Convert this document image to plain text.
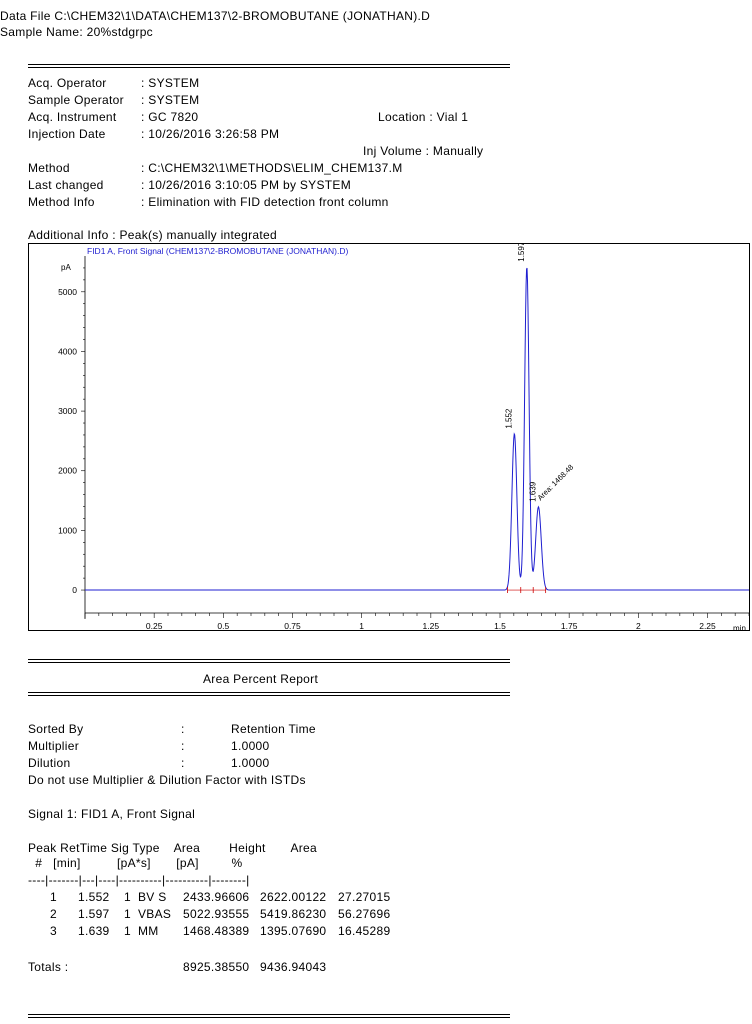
Data File C:\CHEM32\1\DATA\CHEM137\2-BROMOBUTANE (JONATHAN).D
Sample Name: 20%stdgrpc
Acq. Operator	: SYSTEM
Sample Operator : SYSTEM
Acq. Instrument : GC 7820	Location : Vial 1
Injection Date	: 10/26/2016 3:26:58 PM
Inj Volume : Manually
Method	: C:\CHEM32\1\METHODS\ELIM_CHEM137.M
Last changed	: 10/26/2016 3:10:05 PM by SYSTEM
Method Info	: Elimination with FID detection front column
Additional Info : Peak(s) manually integrated
FID1 A, Front Signal (CHEM137\2-BROMOBUTANE (JONATHAN).D)
pA
min
0.25	0.5	0.75	1	1.25	1.5	1.75	2	2.25
0
1000
2000
3000
4000
5000
1.552
1.597
1.639
Area: 1468.48
Area Percent Report
Sorted By	:	Retention Time
Multiplier	:	1.0000
Dilution	:	1.0000
Do not use Multiplier & Dilution Factor with ISTDs
Signal 1: FID1 A, Front Signal
Peak RetTime Sig Type    Area        Height       Area
#   [min]          [pA*s]       [pA]         %
----|-------|---|----|----------|----------|--------|
1 1.552 1 BV S 2433.96606 2622.00122 27.27015
2 1.597 1 VBAS 5022.93555 5419.86230 56.27696
3 1.639 1 MM 1468.48389 1395.07690 16.45289
Totals :	8925.38550 9436.94043
